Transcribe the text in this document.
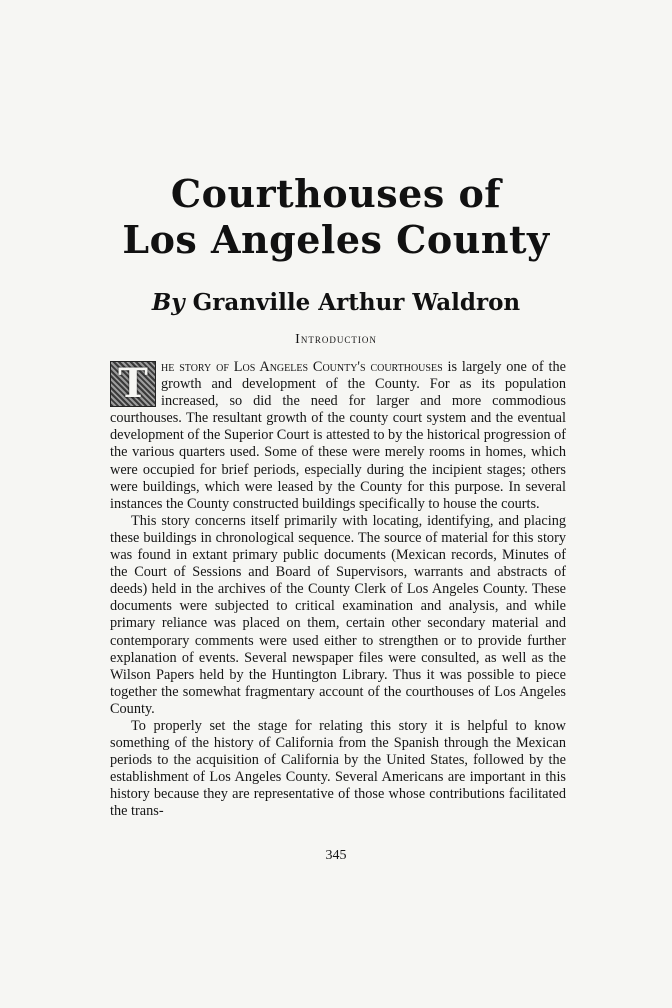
Courthouses of
Los Angeles County
By Granville Arthur Waldron
Introduction
T he story of Los Angeles County's courthouses is largely one of the growth and development of the County. For as its population increased, so did the need for larger and more commodious courthouses. The resultant growth of the county court system and the eventual development of the Superior Court is attested to by the historical progression of the various quarters used. Some of these were merely rooms in homes, which were occupied for brief periods, especially during the incipient stages; others were buildings, which were leased by the County for this purpose. In several instances the County constructed buildings specifically to house the courts.

This story concerns itself primarily with locating, identifying, and placing these buildings in chronological sequence. The source of material for this story was found in extant primary public documents (Mexican records, Minutes of the Court of Sessions and Board of Supervisors, warrants and abstracts of deeds) held in the archives of the County Clerk of Los Angeles County. These documents were subjected to critical examination and analysis, and while primary reliance was placed on them, certain other secondary material and contemporary comments were used either to strengthen or to provide further explanation of events. Several newspaper files were consulted, as well as the Wilson Papers held by the Huntington Library. Thus it was possible to piece together the somewhat fragmentary account of the courthouses of Los Angeles County.

To properly set the stage for relating this story it is helpful to know something of the history of California from the Spanish through the Mexican periods to the acquisition of California by the United States, followed by the establishment of Los Angeles County. Several Americans are important in this history because they are representative of those whose contributions facilitated the trans-

345
